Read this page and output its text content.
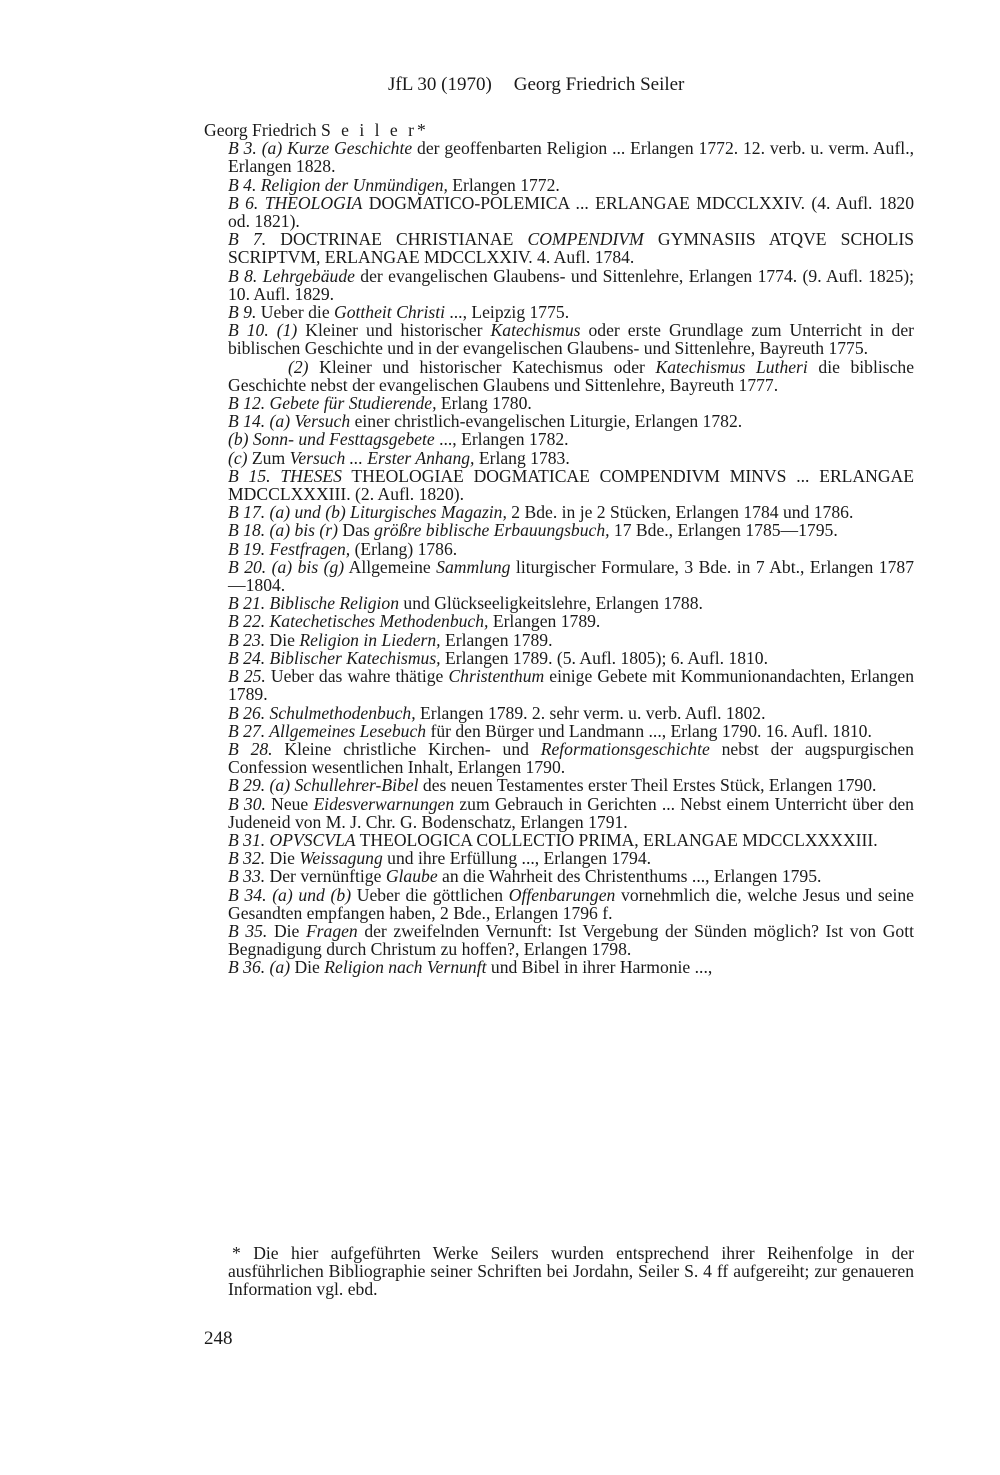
JfL 30 (1970) Georg Friedrich Seiler
Georg Friedrich S e i l e r*
B 3. (a) Kurze Geschichte der geoffenbarten Religion ... Erlangen 1772. 12. verb. u. verm. Aufl., Erlangen 1828.
B 4. Religion der Unmündigen, Erlangen 1772.
B 6. THEOLOGIA DOGMATICO-POLEMICA ... ERLANGAE MDCCLXXIV. (4. Aufl. 1820 od. 1821).
B 7. DOCTRINAE CHRISTIANAE COMPENDIVM GYMNASIIS ATQVE SCHOLIS SCRIPTVM, ERLANGAE MDCCLXXIV. 4. Aufl. 1784.
B 8. Lehrgebäude der evangelischen Glaubens- und Sittenlehre, Erlangen 1774. (9. Aufl. 1825); 10. Aufl. 1829.
B 9. Ueber die Gottheit Christi ..., Leipzig 1775.
B 10. (1) Kleiner und historischer Katechismus oder erste Grundlage zum Unterricht in der biblischen Geschichte und in der evangelischen Glaubens- und Sittenlehre, Bayreuth 1775.
(2) Kleiner und historischer Katechismus oder Katechismus Lutheri die biblische Geschichte nebst der evangelischen Glaubens und Sittenlehre, Bayreuth 1777.
B 12. Gebete für Studierende, Erlang 1780.
B 14. (a) Versuch einer christlich-evangelischen Liturgie, Erlangen 1782.
(b) Sonn- und Festtagsgebete ..., Erlangen 1782.
(c) Zum Versuch ... Erster Anhang, Erlang 1783.
B 15. THESES THEOLOGIAE DOGMATICAE COMPENDIVM MINVS ... ERLANGAE MDCCLXXXIII. (2. Aufl. 1820).
B 17. (a) und (b) Liturgisches Magazin, 2 Bde. in je 2 Stücken, Erlangen 1784 und 1786.
B 18. (a) bis (r) Das größre biblische Erbauungsbuch, 17 Bde., Erlangen 1785—1795.
B 19. Festfragen, (Erlang) 1786.
B 20. (a) bis (g) Allgemeine Sammlung liturgischer Formulare, 3 Bde. in 7 Abt., Erlangen 1787—1804.
B 21. Biblische Religion und Glückseeligkeitslehre, Erlangen 1788.
B 22. Katechetisches Methodenbuch, Erlangen 1789.
B 23. Die Religion in Liedern, Erlangen 1789.
B 24. Biblischer Katechismus, Erlangen 1789. (5. Aufl. 1805); 6. Aufl. 1810.
B 25. Ueber das wahre thätige Christenthum einige Gebete mit Kommunionandachten, Erlangen 1789.
B 26. Schulmethodenbuch, Erlangen 1789. 2. sehr verm. u. verb. Aufl. 1802.
B 27. Allgemeines Lesebuch für den Bürger und Landmann ..., Erlang 1790. 16. Aufl. 1810.
B 28. Kleine christliche Kirchen- und Reformationsgeschichte nebst der augspurgischen Confession wesentlichen Inhalt, Erlangen 1790.
B 29. (a) Schullehrer-Bibel des neuen Testamentes erster Theil Erstes Stück, Erlangen 1790.
B 30. Neue Eidesverwarnungen zum Gebrauch in Gerichten ... Nebst einem Unterricht über den Judeneid von M. J. Chr. G. Bodenschatz, Erlangen 1791.
B 31. OPVSCVLA THEOLOGICA COLLECTIO PRIMA, ERLANGAE MDCCLXXXXIII.
B 32. Die Weissagung und ihre Erfüllung ..., Erlangen 1794.
B 33. Der vernünftige Glaube an die Wahrheit des Christenthums ..., Erlangen 1795.
B 34. (a) und (b) Ueber die göttlichen Offenbarungen vornehmlich die, welche Jesus und seine Gesandten empfangen haben, 2 Bde., Erlangen 1796 f.
B 35. Die Fragen der zweifelnden Vernunft: Ist Vergebung der Sünden möglich? Ist von Gott Begnadigung durch Christum zu hoffen?, Erlangen 1798.
B 36. (a) Die Religion nach Vernunft und Bibel in ihrer Harmonie ...,
* Die hier aufgeführten Werke Seilers wurden entsprechend ihrer Reihenfolge in der ausführlichen Bibliographie seiner Schriften bei Jordahn, Seiler S. 4 ff aufgereiht; zur genaueren Information vgl. ebd.
248
